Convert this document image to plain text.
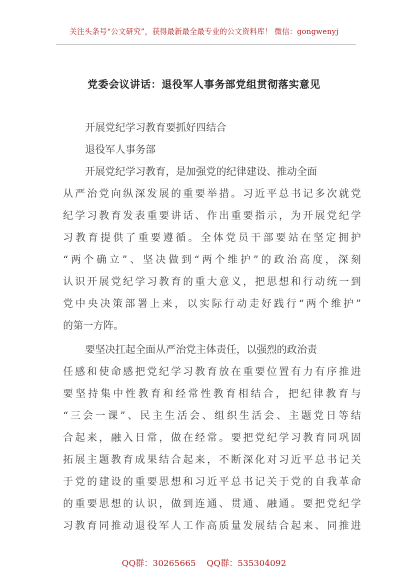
关注头条号“公文研究”，获得最新最全最专业的公文资料库！ 微信：gongwenyj
党委会议讲话：退役军人事务部党组贯彻落实意见
开展党纪学习教育要抓好四结合
退役军人事务部
开展党纪学习教育，是加强党的纪律建设、推动全面
从严治党向纵深发展的重要举措。习近平总书记多次就党
纪学习教育发表重要讲话、作出重要指示，为开展党纪学
习教育提供了重要遵循。全体党员干部要站在坚定拥护
“两个确立”、坚决做到“两个维护”的政治高度，深刻
认识开展党纪学习教育的重大意义，把思想和行动统一到
党中央决策部署上来，以实际行动走好践行“两个维护”
的第一方阵。
要坚决扛起全面从严治党主体责任，以强烈的政治责
任感和使命感把党纪学习教育放在重要位置有力有序推进
要坚持集中性教育和经常性教育相结合，把纪律教育与
“三会一课”、民主生活会、组织生活会、主题党日等结
合起来，融入日常，做在经常。要把党纪学习教育同巩固
拓展主题教育成果结合起来，不断深化对习近平总书记关
于党的建设的重要思想和习近平总书记关于党的自我革命
的重要思想的认识，做到连通、贯通、融通。要把党纪学
习教育同推动退役军人工作高质量发展结合起来、同推进
QQ群：30265665 QQ群：535304092
